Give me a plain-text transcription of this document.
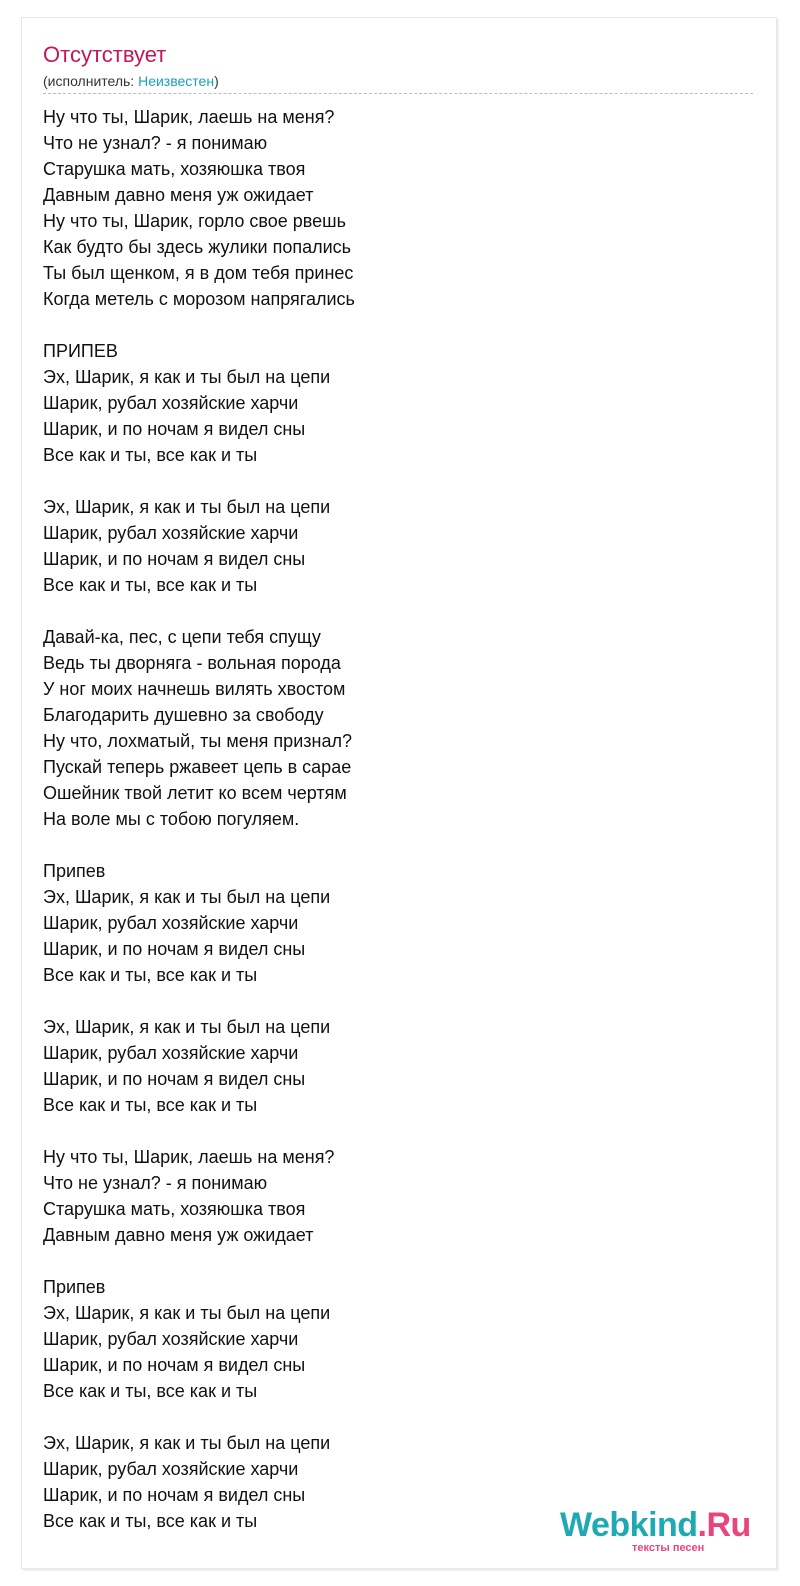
Отсутствует
(исполнитель: Неизвестен)
Ну что ты, Шарик, лаешь на меня?
Что не узнал? - я понимаю
Старушка мать, хозяюшка твоя
Давным давно меня уж ожидает
Ну что ты, Шарик, горло свое рвешь
Как будто бы здесь жулики попались
Ты был щенком, я в дом тебя принес
Когда метель с морозом напрягались

ПРИПЕВ
Эх, Шарик, я как и ты был на цепи
Шарик, рубал хозяйские харчи
Шарик, и по ночам я видел сны
Все как и ты, все как и ты

Эх, Шарик, я как и ты был на цепи
Шарик, рубал хозяйские харчи
Шарик, и по ночам я видел сны
Все как и ты, все как и ты

Давай-ка, пес, с цепи тебя спущу
Ведь ты дворняга - вольная порода
У ног моих начнешь вилять хвостом
Благодарить душевно за свободу
Ну что, лохматый, ты меня признал?
Пускай теперь ржавеет цепь в сарае
Ошейник твой летит ко всем чертям
На воле мы с тобою погуляем.

Припев
Эх, Шарик, я как и ты был на цепи
Шарик, рубал хозяйские харчи
Шарик, и по ночам я видел сны
Все как и ты, все как и ты

Эх, Шарик, я как и ты был на цепи
Шарик, рубал хозяйские харчи
Шарик, и по ночам я видел сны
Все как и ты, все как и ты

Ну что ты, Шарик, лаешь на меня?
Что не узнал? - я понимаю
Старушка мать, хозяюшка твоя
Давным давно меня уж ожидает

Припев
Эх, Шарик, я как и ты был на цепи
Шарик, рубал хозяйские харчи
Шарик, и по ночам я видел сны
Все как и ты, все как и ты

Эх, Шарик, я как и ты был на цепи
Шарик, рубал хозяйские харчи
Шарик, и по ночам я видел сны
Все как и ты, все как и ты	Webkind.Ru
тексты песен
